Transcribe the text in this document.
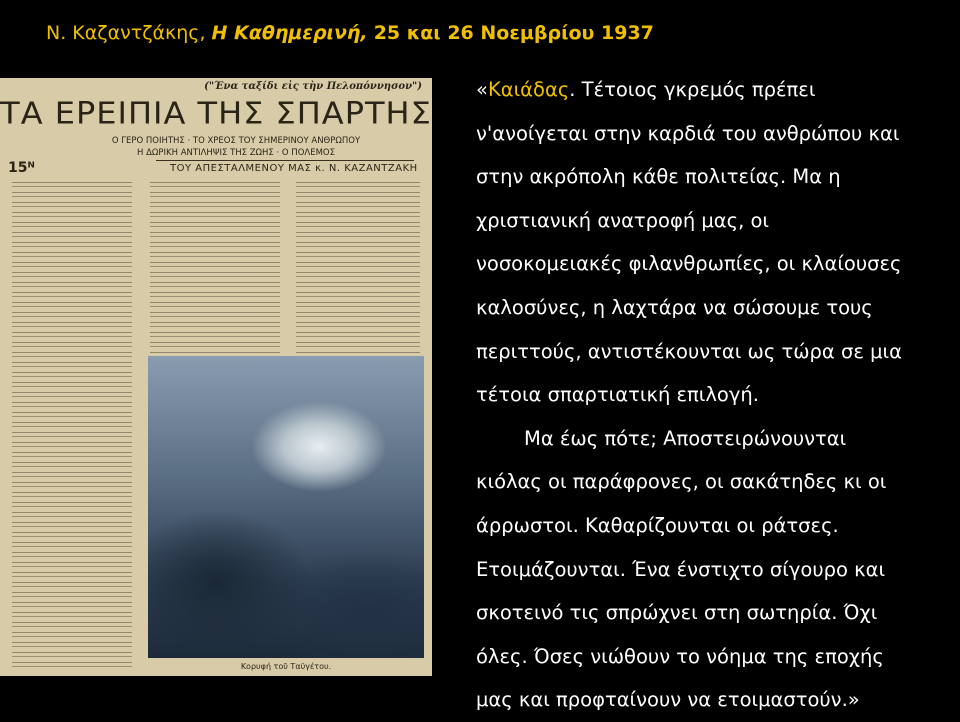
Ν. Καζαντζάκης, Η Καθημερινή, 25 και 26 Νοεμβρίου 1937
("Ένα ταξίδι εἰς τὴν Πελοπόννησον")
ΤΑ ΕΡΕΙΠΙΑ ΤΗΣ ΣΠΑΡΤΗΣ
Ο ΓΕΡΟ ΠΟΙΗΤΗΣ · ΤΟ ΧΡΕΟΣ ΤΟΥ ΣΗΜΕΡΙΝΟΥ ΑΝΘΡΩΠΟΥ
Η ΔΩΡΙΚΗ ΑΝΤΙΛΗΨΙΣ ΤΗΣ ΖΩΗΣ · Ο ΠΟΛΕΜΟΣ
15ᴺ	ΤΟΥ ΑΠΕΣΤΑΛΜΕΝΟΥ ΜΑΣ κ. Ν. ΚΑΖΑΝΤΖΑΚΗ
Κορυφή τοῦ Ταϋγέτου.

«Καιάδας. Τέτοιος γκρεμός πρέπει

ν'ανοίγεται στην καρδιά του ανθρώπου και

στην ακρόπολη κάθε πολιτείας. Μα η

χριστιανική ανατροφή μας, οι

νοσοκομειακές φιλανθρωπίες, οι κλαίουσες

καλοσύνες, η λαχτάρα να σώσουμε τους

περιττούς, αντιστέκουνται ως τώρα σε μια

τέτοια σπαρτιατική επιλογή.

Μα έως πότε; Αποστειρώνουνται

κιόλας οι παράφρονες, οι σακάτηδες κι οι

άρρωστοι. Καθαρίζουνται οι ράτσες.

Ετοιμάζουνται. Ένα ένστιχτο σίγουρο και

σκοτεινό τις σπρώχνει στη σωτηρία. Όχι

όλες. Όσες νιώθουν το νόημα της εποχής

μας και προφταίνουν να ετοιμαστούν.»
